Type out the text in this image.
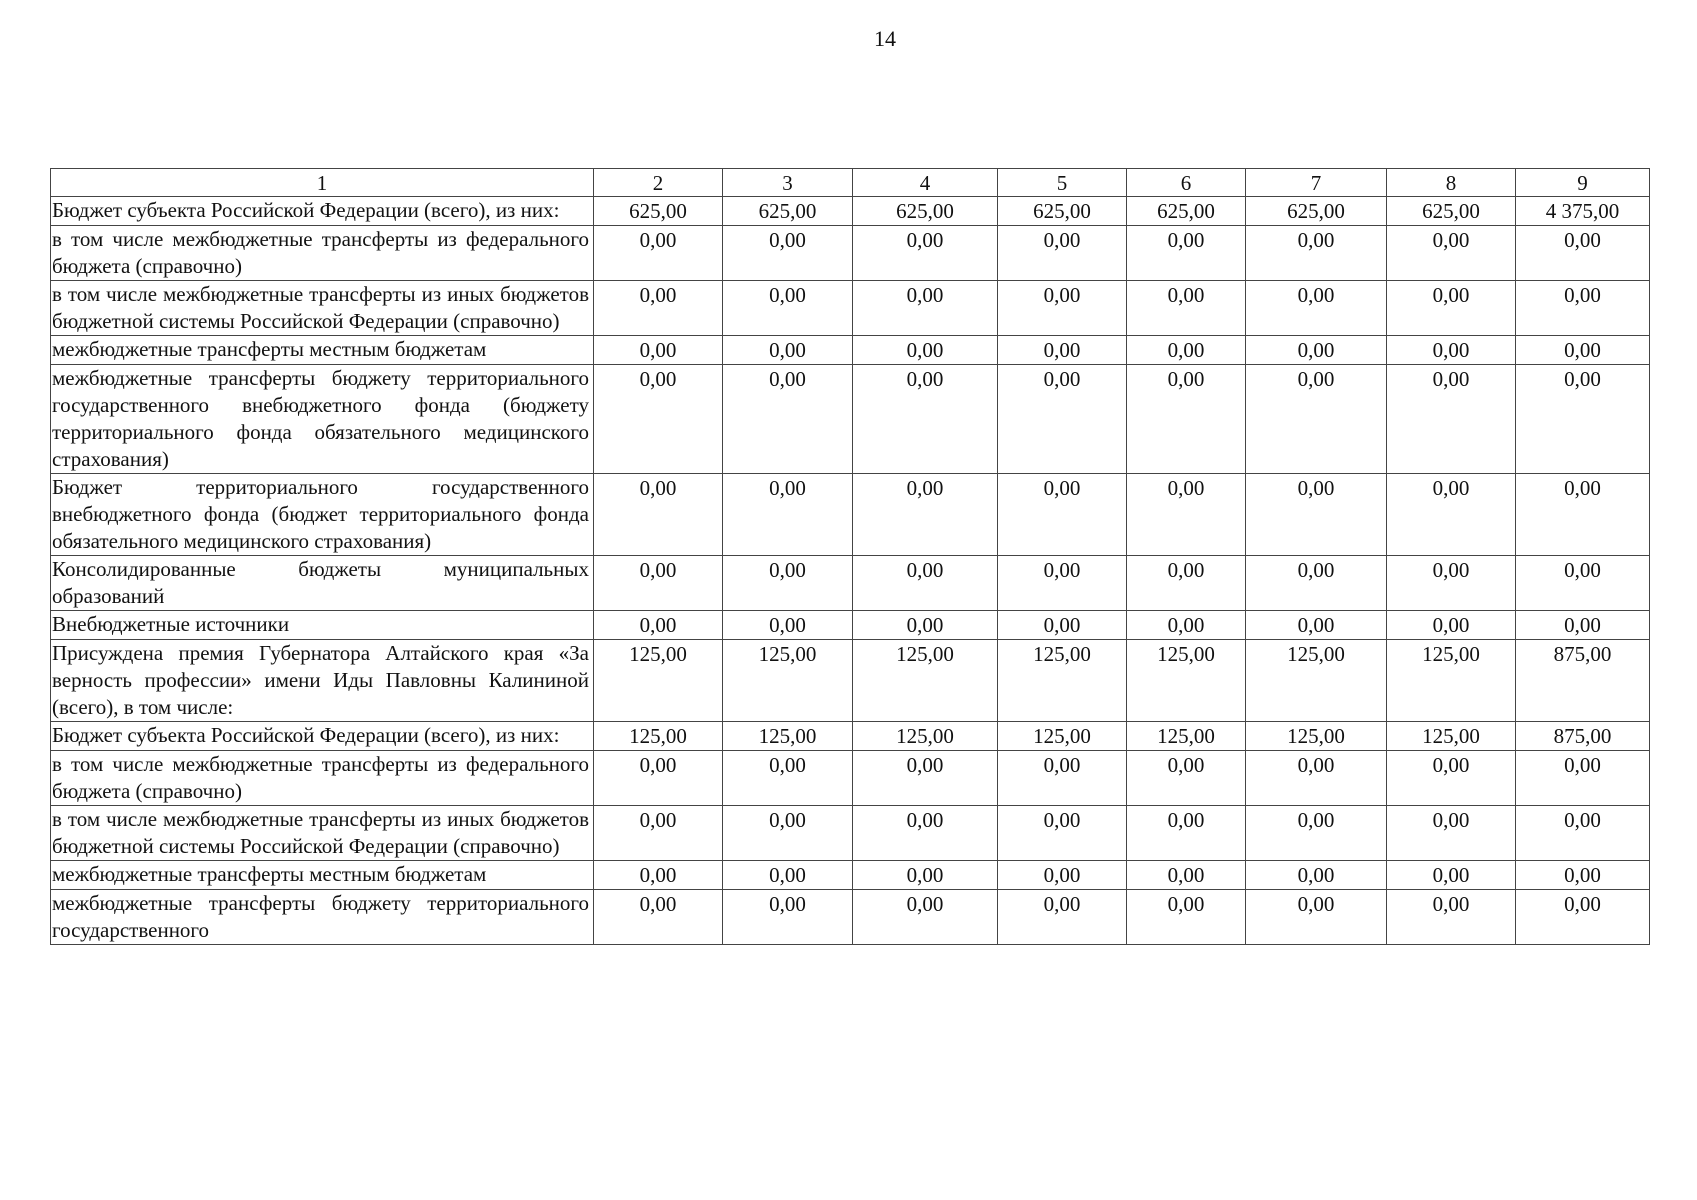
14
1	2	3	4	5	6	7	8	9
Бюджет субъекта Российской Федерации (всего), из них:	625,00	625,00	625,00	625,00	625,00	625,00	625,00	4 375,00
в том числе межбюджетные трансферты из федерального бюджета (справочно)	0,00	0,00	0,00	0,00	0,00	0,00	0,00	0,00
в том числе межбюджетные трансферты из иных бюджетов бюджетной системы Российской Федерации (справочно)	0,00	0,00	0,00	0,00	0,00	0,00	0,00	0,00
межбюджетные трансферты местным бюджетам	0,00	0,00	0,00	0,00	0,00	0,00	0,00	0,00
межбюджетные трансферты бюджету территориального государственного внебюджетного фонда (бюджету территориального фонда обязательного медицинского страхования)	0,00	0,00	0,00	0,00	0,00	0,00	0,00	0,00
Бюджет территориального государственного внебюджетного фонда (бюджет территориального фонда обязательного медицинского страхования)	0,00	0,00	0,00	0,00	0,00	0,00	0,00	0,00
Консолидированные бюджеты муниципальных образований	0,00	0,00	0,00	0,00	0,00	0,00	0,00	0,00
Внебюджетные источники	0,00	0,00	0,00	0,00	0,00	0,00	0,00	0,00
Присуждена премия Губернатора Алтайского края «За верность профессии» имени Иды Павловны Калининой (всего), в том числе:	125,00	125,00	125,00	125,00	125,00	125,00	125,00	875,00
Бюджет субъекта Российской Федерации (всего), из них:	125,00	125,00	125,00	125,00	125,00	125,00	125,00	875,00
в том числе межбюджетные трансферты из федерального бюджета (справочно)	0,00	0,00	0,00	0,00	0,00	0,00	0,00	0,00
в том числе межбюджетные трансферты из иных бюджетов бюджетной системы Российской Федерации (справочно)	0,00	0,00	0,00	0,00	0,00	0,00	0,00	0,00
межбюджетные трансферты местным бюджетам	0,00	0,00	0,00	0,00	0,00	0,00	0,00	0,00
межбюджетные трансферты бюджету территориального государственного	0,00	0,00	0,00	0,00	0,00	0,00	0,00	0,00
